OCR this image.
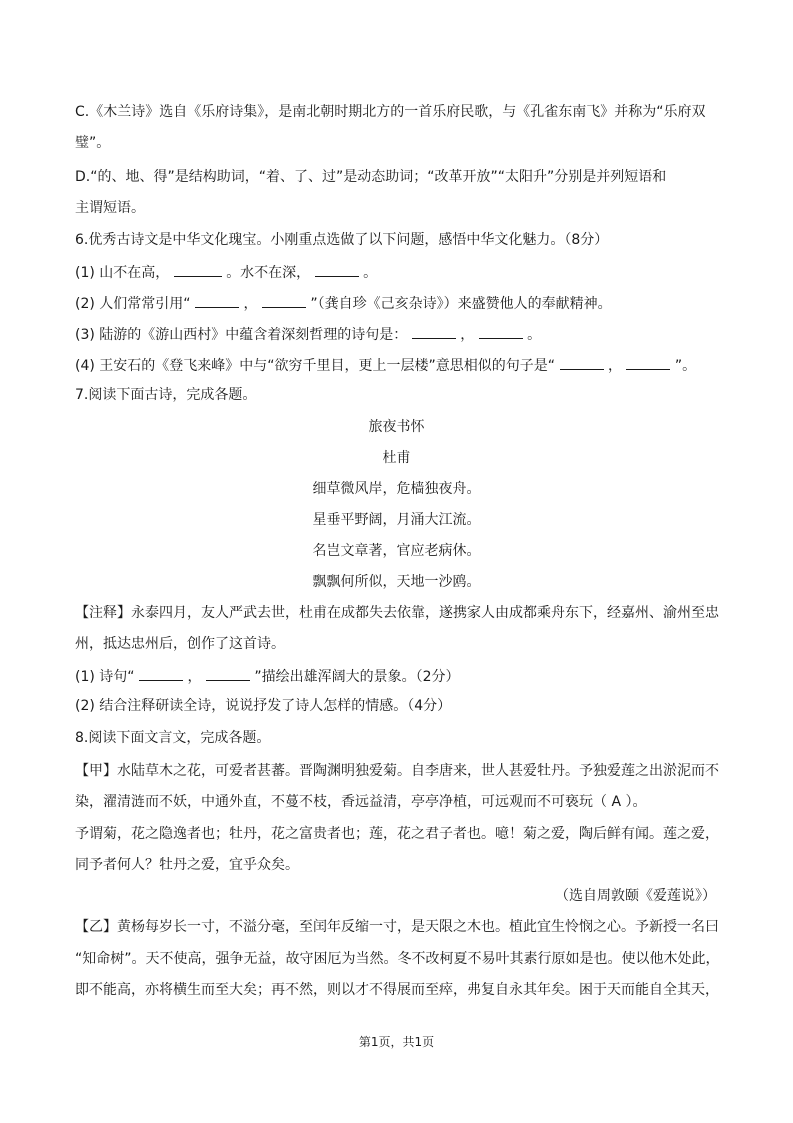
C.《木兰诗》选自《乐府诗集》，是南北朝时期北方的一首乐府民歌，与《孔雀东南飞》并称为“乐府双
璧”。
D.“的、地、得”是结构助词，“着、了、过”是动态助词；“改革开放”“太阳升”分别是并列短语和
主谓短语。
6.优秀古诗文是中华文化瑰宝。小刚重点选做了以下问题，感悟中华文化魅力。（8分）
(1) 山不在高，	。水不在深，	。
(2) 人们常常引用“	，	”（龚自珍《己亥杂诗》）来盛赞他人的奉献精神。
(3) 陆游的《游山西村》中蕴含着深刻哲理的诗句是：	，	。
(4) 王安石的《登飞来峰》中与“欲穷千里目，更上一层楼”意思相似的句子是“	，	”。
7.阅读下面古诗，完成各题。
旅夜书怀
杜甫
细草微风岸，危樯独夜舟。
星垂平野阔，月涌大江流。
名岂文章著，官应老病休。
飘飘何所似，天地一沙鸥。
【注释】永泰四月，友人严武去世，杜甫在成都失去依靠，遂携家人由成都乘舟东下，经嘉州、渝州至忠
州，抵达忠州后，创作了这首诗。
(1) 诗句“	，	”描绘出雄浑阔大的景象。（2分）
(2) 结合注释研读全诗，说说抒发了诗人怎样的情感。（4分）
8.阅读下面文言文，完成各题。
【甲】水陆草木之花，可爱者甚蕃。晋陶渊明独爱菊。自李唐来，世人甚爱牡丹。予独爱莲之出淤泥而不
染，濯清涟而不妖，中通外直，不蔓不枝，香远益清，亭亭净植，可远观而不可亵玩（ A ）。
予谓菊，花之隐逸者也；牡丹，花之富贵者也；莲，花之君子者也。噫！菊之爱，陶后鲜有闻。莲之爱，
同予者何人？牡丹之爱，宜乎众矣。
（选自周敦颐《爱莲说》）
【乙】黄杨每岁长一寸，不溢分毫，至闰年反缩一寸，是天限之木也。植此宜生怜悯之心。予新授一名曰
“知命树”。天不使高，强争无益，故守困厄为当然。冬不改柯夏不易叶其素行原如是也。使以他木处此，
即不能高，亦将横生而至大矣；再不然，则以才不得展而至瘁，弗复自永其年矣。困于天而能自全其天，
第1页，共1页
